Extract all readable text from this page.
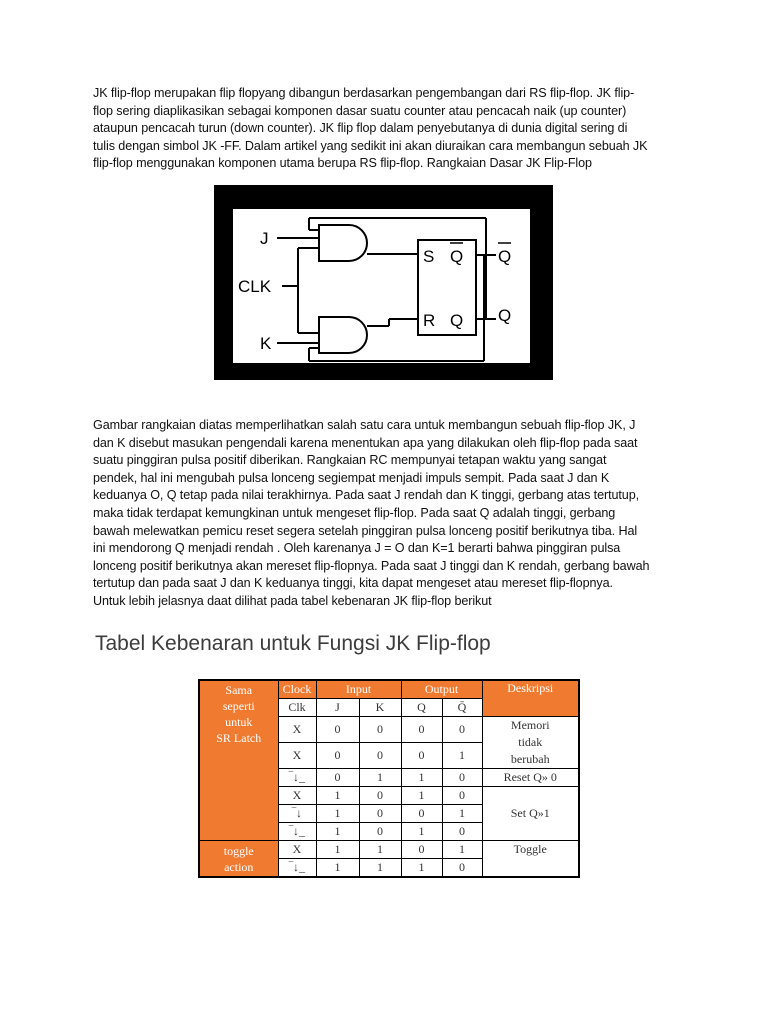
JK flip-flop merupakan flip flopyang dibangun berdasarkan pengembangan dari RS flip-flop. JK flip-
flop sering diaplikasikan sebagai komponen dasar suatu counter atau pencacah naik (up counter)
ataupun pencacah turun (down counter). JK flip flop dalam penyebutanya di dunia digital sering di
tulis dengan simbol JK -FF. Dalam artikel yang sedikit ini akan diuraikan cara membangun sebuah JK
flip-flop menggunakan komponen utama berupa RS flip-flop. Rangkaian Dasar JK Flip-Flop

J
CLK
K
S
R
Q
Q
Q
Q

Gambar rangkaian diatas memperlihatkan salah satu cara untuk membangun sebuah flip-flop JK, J
dan K disebut masukan pengendali karena menentukan apa yang dilakukan oleh flip-flop pada saat
suatu pinggiran pulsa positif diberikan. Rangkaian RC mempunyai tetapan waktu yang sangat
pendek, hal ini mengubah pulsa lonceng segiempat menjadi impuls sempit. Pada saat J dan K
keduanya O, Q tetap pada nilai terakhirnya. Pada saat J rendah dan K tinggi, gerbang atas tertutup,
maka tidak terdapat kemungkinan untuk mengeset flip-flop. Pada saat Q adalah tinggi, gerbang
bawah melewatkan pemicu reset segera setelah pinggiran pulsa lonceng positif berikutnya tiba. Hal
ini mendorong Q menjadi rendah . Oleh karenanya J = O dan K=1 berarti bahwa pinggiran pulsa
lonceng positif berikutnya akan mereset flip-flopnya. Pada saat J tinggi dan K rendah, gerbang bawah
tertutup dan pada saat J dan K keduanya tinggi, kita dapat mengeset atau mereset flip-flopnya.
Untuk lebih jelasnya daat dilihat pada tabel kebenaran JK flip-flop berikut

Tabel Kebenaran untuk Fungsi JK Flip-flop
Sama
seperti
untuk
SR Latch	Clock	Input		Output		Deskripsi
	Clk	J	K	Q	Q̄	
	X	0	0	0	0	Memori
tidak
berubah
	X	0	0	0	1	
	‾↓_	0	1	1	0	Reset Q» 0
	X	1	0	1	0	Set Q»1
	‾↓	1	0	0	1	
	‾↓_	1	0	1	0	
toggle
action	X	1	1	0	1	Toggle
	‾↓_	1	1	1	0	
